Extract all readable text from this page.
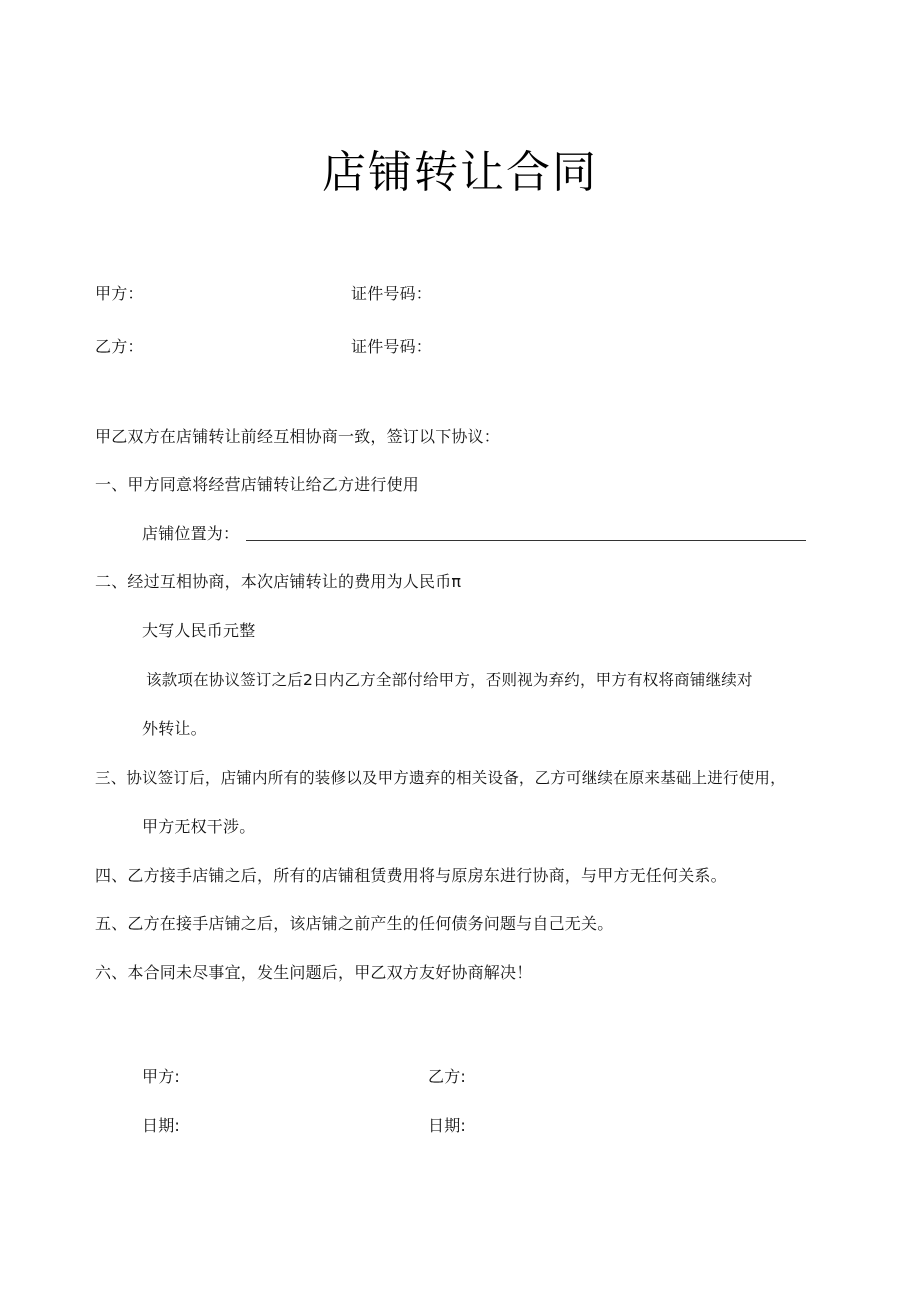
店铺转让合同
甲方：	证件号码：
乙方：	证件号码：
甲乙双方在店铺转让前经互相协商一致，签订以下协议：
一、甲方同意将经营店铺转让给乙方进行使用
店铺位置为：
二、经过互相协商，本次店铺转让的费用为人民币π
大写人民币元整
该款项在协议签订之后2日内乙方全部付给甲方，否则视为弃约，甲方有权将商铺继续对
外转让。
三、协议签订后，店铺内所有的装修以及甲方遗弃的相关设备，乙方可继续在原来基础上进行使用，
甲方无权干涉。
四、乙方接手店铺之后，所有的店铺租赁费用将与原房东进行协商，与甲方无任何关系。
五、乙方在接手店铺之后，该店铺之前产生的任何债务问题与自己无关。
六、本合同未尽事宜，发生问题后，甲乙双方友好协商解决！
甲方:	乙方:
日期:	日期:
